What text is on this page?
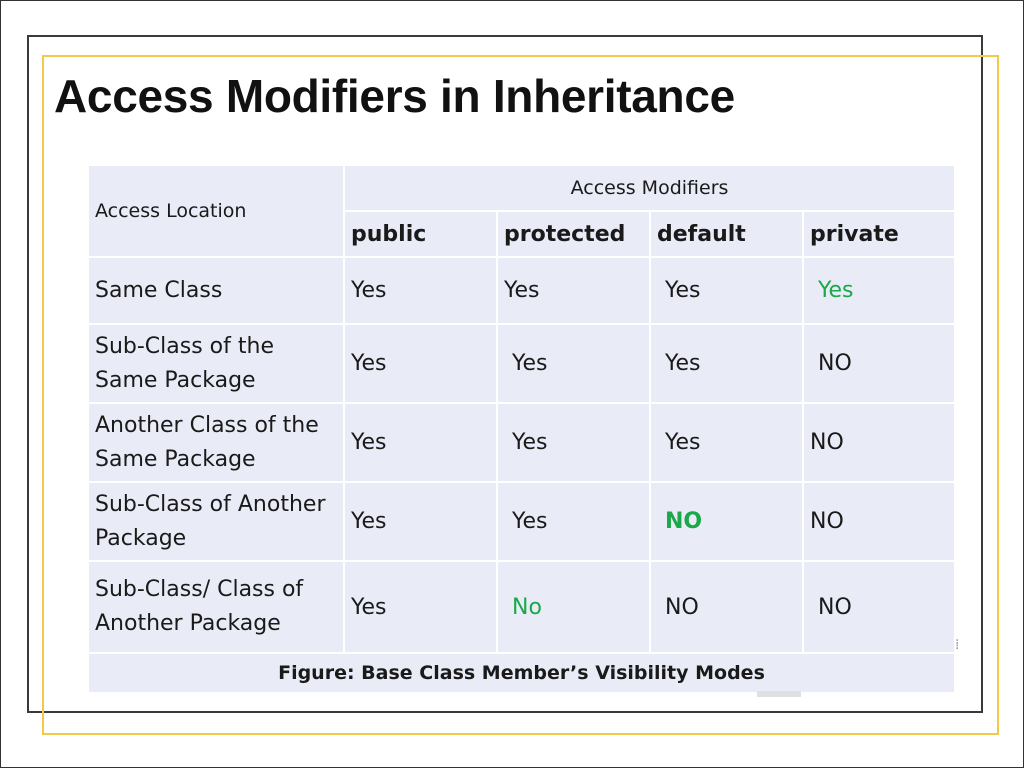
Access Modifiers in Inheritance
Access Location	Access Modifiers			
	public	protected	default	private
Same Class	Yes	Yes	Yes	Yes
Sub-Class of the Same Package	Yes	Yes	Yes	NO
Another Class of the Same Package	Yes	Yes	Yes	NO
Sub-Class of Another Package	Yes	Yes	NO	NO
Sub-Class/ Class of Another Package	Yes	No	NO	NO
Figure: Base Class Member’s Visibility Modes				
⁞
